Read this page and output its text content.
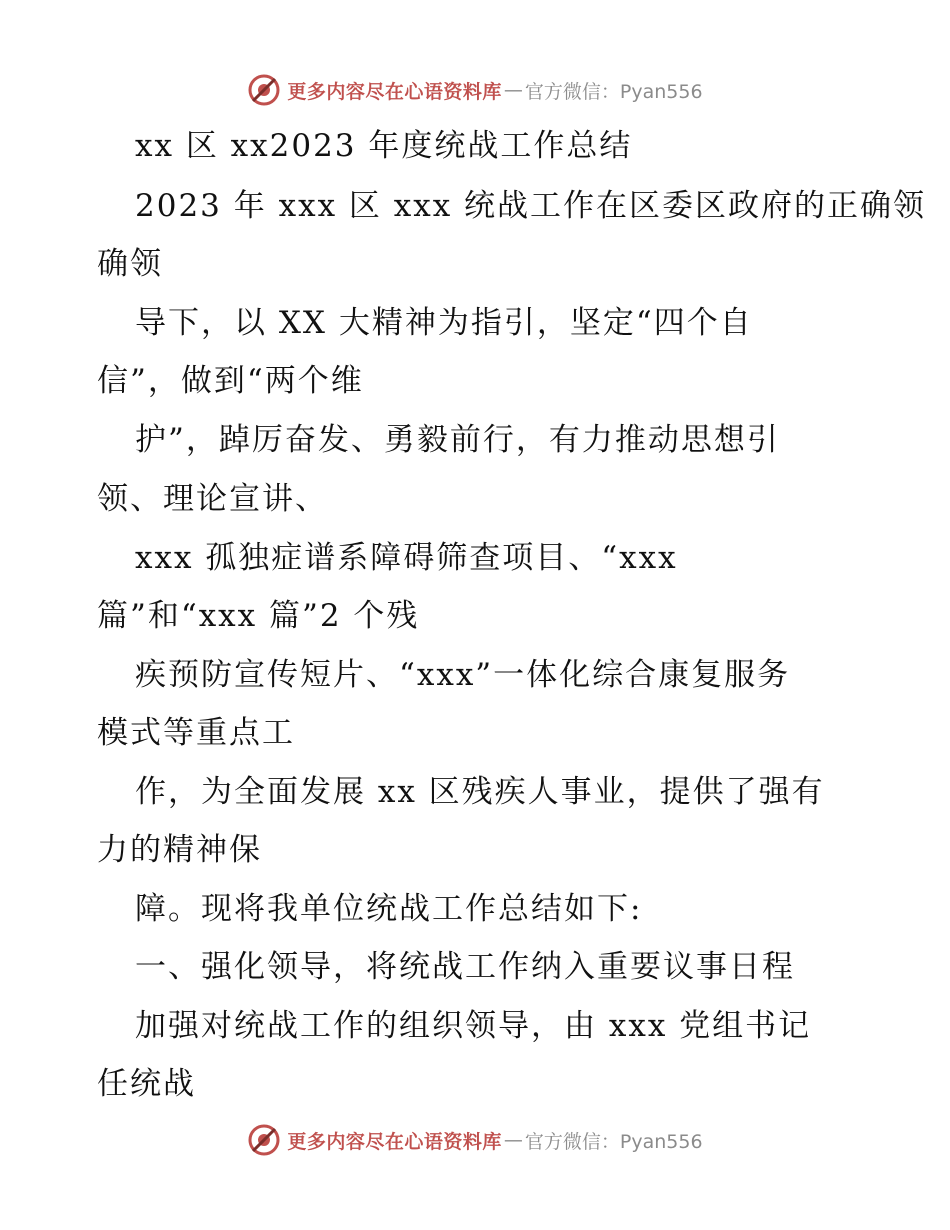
更多内容尽在心语资料库 — 官方微信：Pyan556
xx 区 xx2023 年度统战工作总结
2023 年 xxx 区 xxx 统战工作在区委区政府的正确领
确领
导下，以 XX 大精神为指引，坚定“四个自
信”，做到“两个维
护”，踔厉奋发、勇毅前行，有力推动思想引
领、理论宣讲、
xxx 孤独症谱系障碍筛查项目、“xxx
篇”和“xxx 篇”2 个残
疾预防宣传短片、“xxx”一体化综合康复服务
模式等重点工
作，为全面发展 xx 区残疾人事业，提供了强有
力的精神保
障。现将我单位统战工作总结如下:
一、强化领导，将统战工作纳入重要议事日程
加强对统战工作的组织领导，由 xxx 党组书记
任统战
更多内容尽在心语资料库 — 官方微信：Pyan556
